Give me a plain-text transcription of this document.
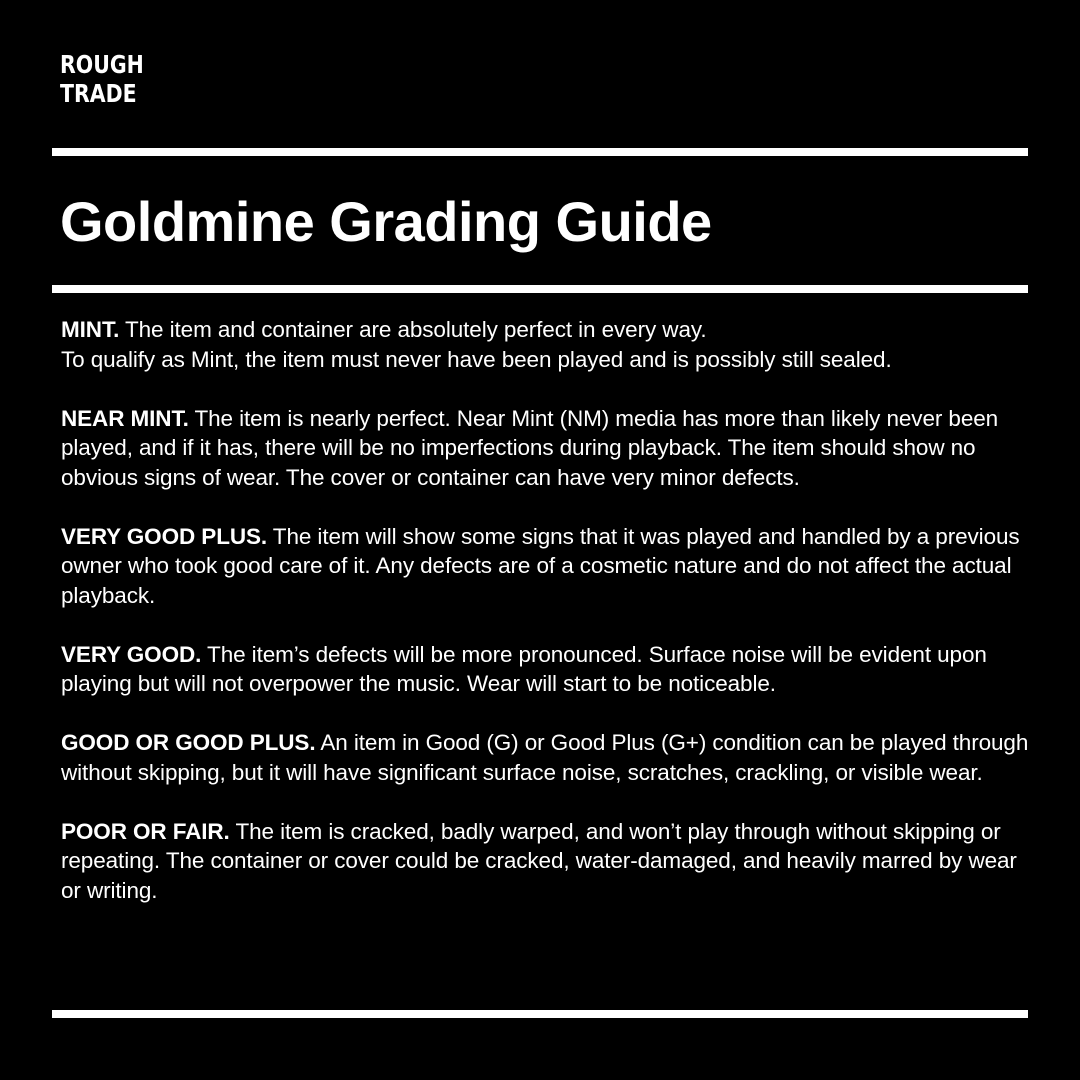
ROUGH
TRADE
Goldmine Grading Guide

MINT. The item and container are absolutely perfect in every way.
To qualify as Mint, the item must never have been played and is possibly still sealed.

NEAR MINT. The item is nearly perfect. Near Mint (NM) media has more than likely never been played, and if it has, there will be no imperfections during playback. The item should show no obvious signs of wear. The cover or container can have very minor defects.

VERY GOOD PLUS. The item will show some signs that it was played and handled by a previous owner who took good care of it. Any defects are of a cosmetic nature and do not affect the actual playback.

VERY GOOD. The item’s defects will be more pronounced. Surface noise will be evident upon playing but will not overpower the music. Wear will start to be noticeable.

GOOD OR GOOD PLUS. An item in Good (G) or Good Plus (G+) condition can be played through without skipping, but it will have significant surface noise, scratches, crackling, or visible wear.

POOR OR FAIR. The item is cracked, badly warped, and won’t play through without skipping or repeating. The container or cover could be cracked, water-damaged, and heavily marred by wear or writing.
